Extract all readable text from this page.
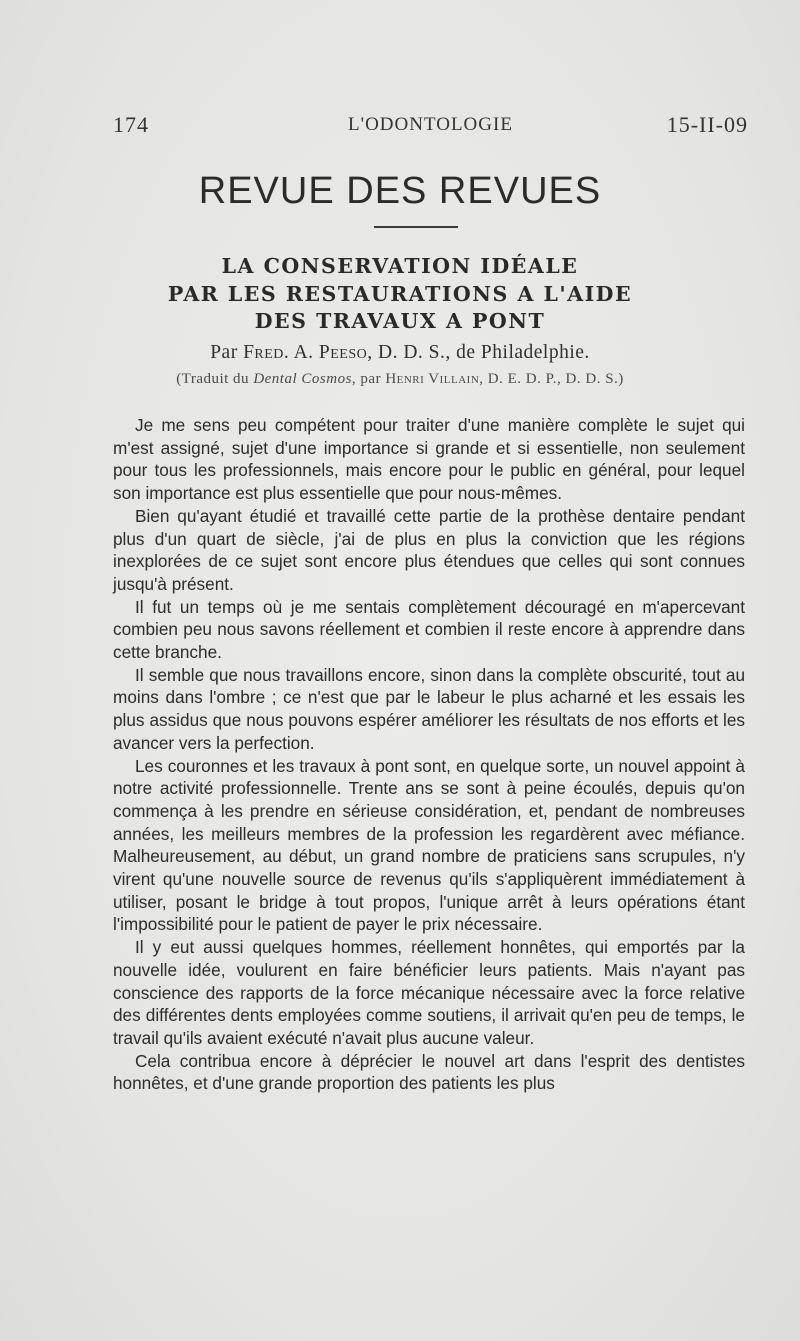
174	L'ODONTOLOGIE	15-II-09
REVUE DES REVUES
LA CONSERVATION IDÉALE
PAR LES RESTAURATIONS A L'AIDE
DES TRAVAUX A PONT
Par Fred. A. Peeso, D. D. S., de Philadelphie.
(Traduit du Dental Cosmos, par Henri Villain, D. E. D. P., D. D. S.)

Je me sens peu compétent pour traiter d'une manière complète le sujet qui m'est assigné, sujet d'une importance si grande et si essentielle, non seulement pour tous les professionnels, mais encore pour le public en général, pour lequel son importance est plus essentielle que pour nous-mêmes.

Bien qu'ayant étudié et travaillé cette partie de la prothèse dentaire pendant plus d'un quart de siècle, j'ai de plus en plus la conviction que les régions inexplorées de ce sujet sont encore plus étendues que celles qui sont connues jusqu'à présent.

Il fut un temps où je me sentais complètement découragé en m'apercevant combien peu nous savons réellement et combien il reste encore à apprendre dans cette branche.

Il semble que nous travaillons encore, sinon dans la complète obscurité, tout au moins dans l'ombre ; ce n'est que par le labeur le plus acharné et les essais les plus assidus que nous pouvons espérer améliorer les résultats de nos efforts et les avancer vers la perfection.

Les couronnes et les travaux à pont sont, en quelque sorte, un nouvel appoint à notre activité professionnelle. Trente ans se sont à peine écoulés, depuis qu'on commença à les prendre en sérieuse considération, et, pendant de nombreuses années, les meilleurs membres de la profession les regardèrent avec méfiance. Malheureusement, au début, un grand nombre de praticiens sans scrupules, n'y virent qu'une nouvelle source de revenus qu'ils s'appliquèrent immédiatement à utiliser, posant le bridge à tout propos, l'unique arrêt à leurs opérations étant l'impossibilité pour le patient de payer le prix nécessaire.

Il y eut aussi quelques hommes, réellement honnêtes, qui emportés par la nouvelle idée, voulurent en faire bénéficier leurs patients. Mais n'ayant pas conscience des rapports de la force mécanique nécessaire avec la force relative des différentes dents employées comme soutiens, il arrivait qu'en peu de temps, le travail qu'ils avaient exécuté n'avait plus aucune valeur.

Cela contribua encore à déprécier le nouvel art dans l'esprit des dentistes honnêtes, et d'une grande proportion des patients les plus
